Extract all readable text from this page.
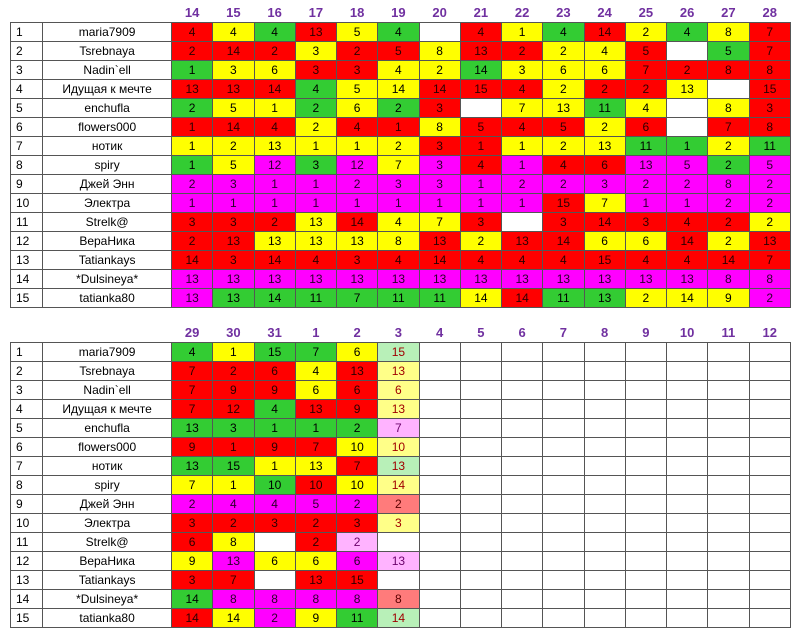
		14	15	16	17	18	19	20	21	22	23	24	25	26	27	28
1	maria7909	4	4	4	13	5	4		4	1	4	14	2	4	8	7
2	Tsrebnaya	2	14	2	3	2	5	8	13	2	2	4	5		5	7
3	Nadin`ell	1	3	6	3	3	4	2	14	3	6	6	7	2	8	8
4	Идущая к мечте	13	13	14	4	5	14	14	15	4	2	2	2	13		15
5	enchufla	2	5	1	2	6	2	3		7	13	11	4		8	3
6	flowers000	1	14	4	2	4	1	8	5	4	5	2	6		7	8
7	нотик	1	2	13	1	1	2	3	1	1	2	13	11	1	2	11
8	spiry	1	5	12	3	12	7	3	4	1	4	6	13	5	2	5
9	Джей Энн	2	3	1	1	2	3	3	1	2	2	3	2	2	8	2
10	Электра	1	1	1	1	1	1	1	1	1	15	7	1	1	2	2
11	Strelk@	3	3	2	13	14	4	7	3		3	14	3	4	2	2
12	ВераНика	2	13	13	13	13	8	13	2	13	14	6	6	14	2	13
13	Tatiankays	14	3	14	4	3	4	14	4	4	4	15	4	4	14	7
14	*Dulsineya*	13	13	13	13	13	13	13	13	13	13	13	13	13	8	8
15	tatianka80	13	13	14	11	7	11	11	14	14	11	13	2	14	9	2
		29	30	31	1	2	3	4	5	6	7	8	9	10	11	12
1	maria7909	4	1	15	7	6	15									
2	Tsrebnaya	7	2	6	4	13	13									
3	Nadin`ell	7	9	9	6	6	6									
4	Идущая к мечте	7	12	4	13	9	13									
5	enchufla	13	3	1	1	2	7									
6	flowers000	9	1	9	7	10	10									
7	нотик	13	15	1	13	7	13									
8	spiry	7	1	10	10	10	14									
9	Джей Энн	2	4	4	5	2	2									
10	Электра	3	2	3	2	3	3									
11	Strelk@	6	8		2	2										
12	ВераНика	9	13	6	6	6	13									
13	Tatiankays	3	7		13	15										
14	*Dulsineya*	14	8	8	8	8	8									
15	tatianka80	14	14	2	9	11	14									
